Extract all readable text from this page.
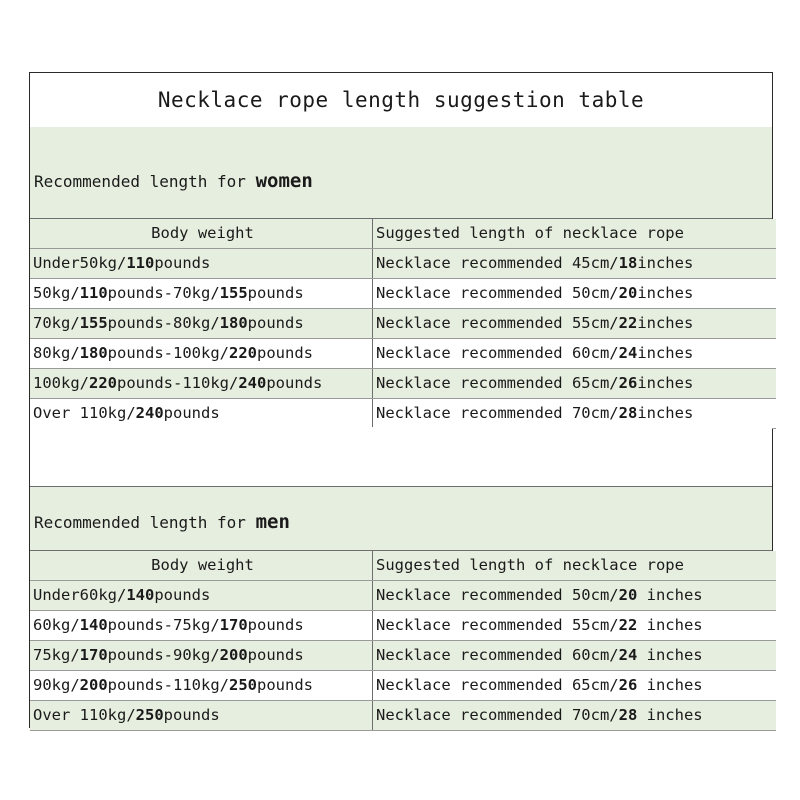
Necklace rope length suggestion table
Recommended length for women
Body weight	Suggested length of necklace rope
Under50kg/110pounds	Necklace recommended 45cm/18inches
50kg/110pounds-70kg/155pounds	Necklace recommended 50cm/20inches
70kg/155pounds-80kg/180pounds	Necklace recommended 55cm/22inches
80kg/180pounds-100kg/220pounds	Necklace recommended 60cm/24inches
100kg/220pounds-110kg/240pounds	Necklace recommended 65cm/26inches
Over 110kg/240pounds	Necklace recommended 70cm/28inches
Recommended length for men
Body weight	Suggested length of necklace rope
Under60kg/140pounds	Necklace recommended 50cm/20 inches
60kg/140pounds-75kg/170pounds	Necklace recommended 55cm/22 inches
75kg/170pounds-90kg/200pounds	Necklace recommended 60cm/24 inches
90kg/200pounds-110kg/250pounds	Necklace recommended 65cm/26 inches
Over 110kg/250pounds	Necklace recommended 70cm/28 inches
